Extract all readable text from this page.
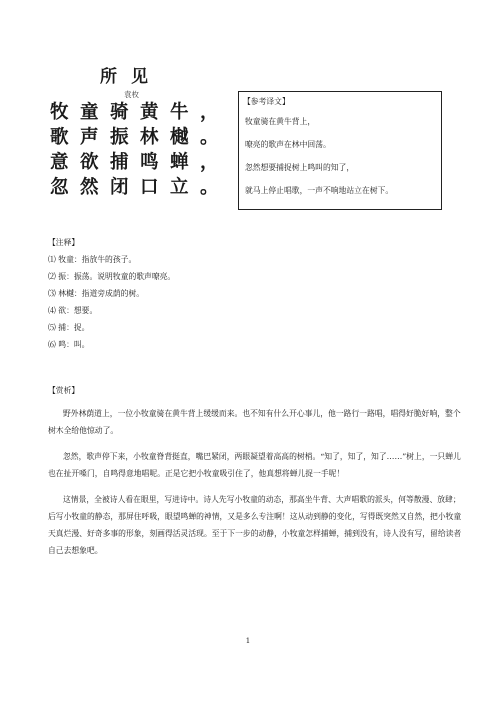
所见
袁枚
牧 童 骑 黄 牛 ，
歌 声 振 林 樾 。
意 欲 捕 鸣 蝉 ，
忽 然 闭 口 立 。
【参考译文】
牧童骑在黄牛背上，
嘹亮的歌声在林中回荡。
忽然想要捕捉树上鸣叫的知了，
就马上停止唱歌，一声不响地站立在树下。
【注释】
⑴ 牧童：指放牛的孩子。
⑵ 振：振荡。说明牧童的歌声嘹亮。
⑶ 林樾：指道旁成荫的树。
⑷ 欲：想要。
⑸ 捕：捉。
⑹ 鸣：叫。
【赏析】

野外林荫道上，一位小牧童骑在黄牛背上缓缓而来。也不知有什么开心事儿，他一路行一路唱，唱得好脆好响，整个树木全给他惊动了。

忽然，歌声停下来，小牧童脊背挺直，嘴巴紧闭，两眼凝望着高高的树梢。“知了，知了，知了……”树上，一只蝉儿也在扯开嗓门，自鸣得意地唱呢。正是它把小牧童吸引住了，他真想将蝉儿捉一手呢！

这情景，全被诗人看在眼里，写进诗中。诗人先写小牧童的动态，那高坐牛背、大声唱歌的派头，何等散漫、放肆；后写小牧童的静态，那屏住呼吸，眼望鸣蝉的神情，又是多么专注啊！这从动到静的变化，写得既突然又自然，把小牧童天真烂漫、好奇多事的形象，刻画得活灵活现。至于下一步的动静，小牧童怎样捕蝉，捕到没有，诗人没有写，留给读者自己去想象吧。

1
